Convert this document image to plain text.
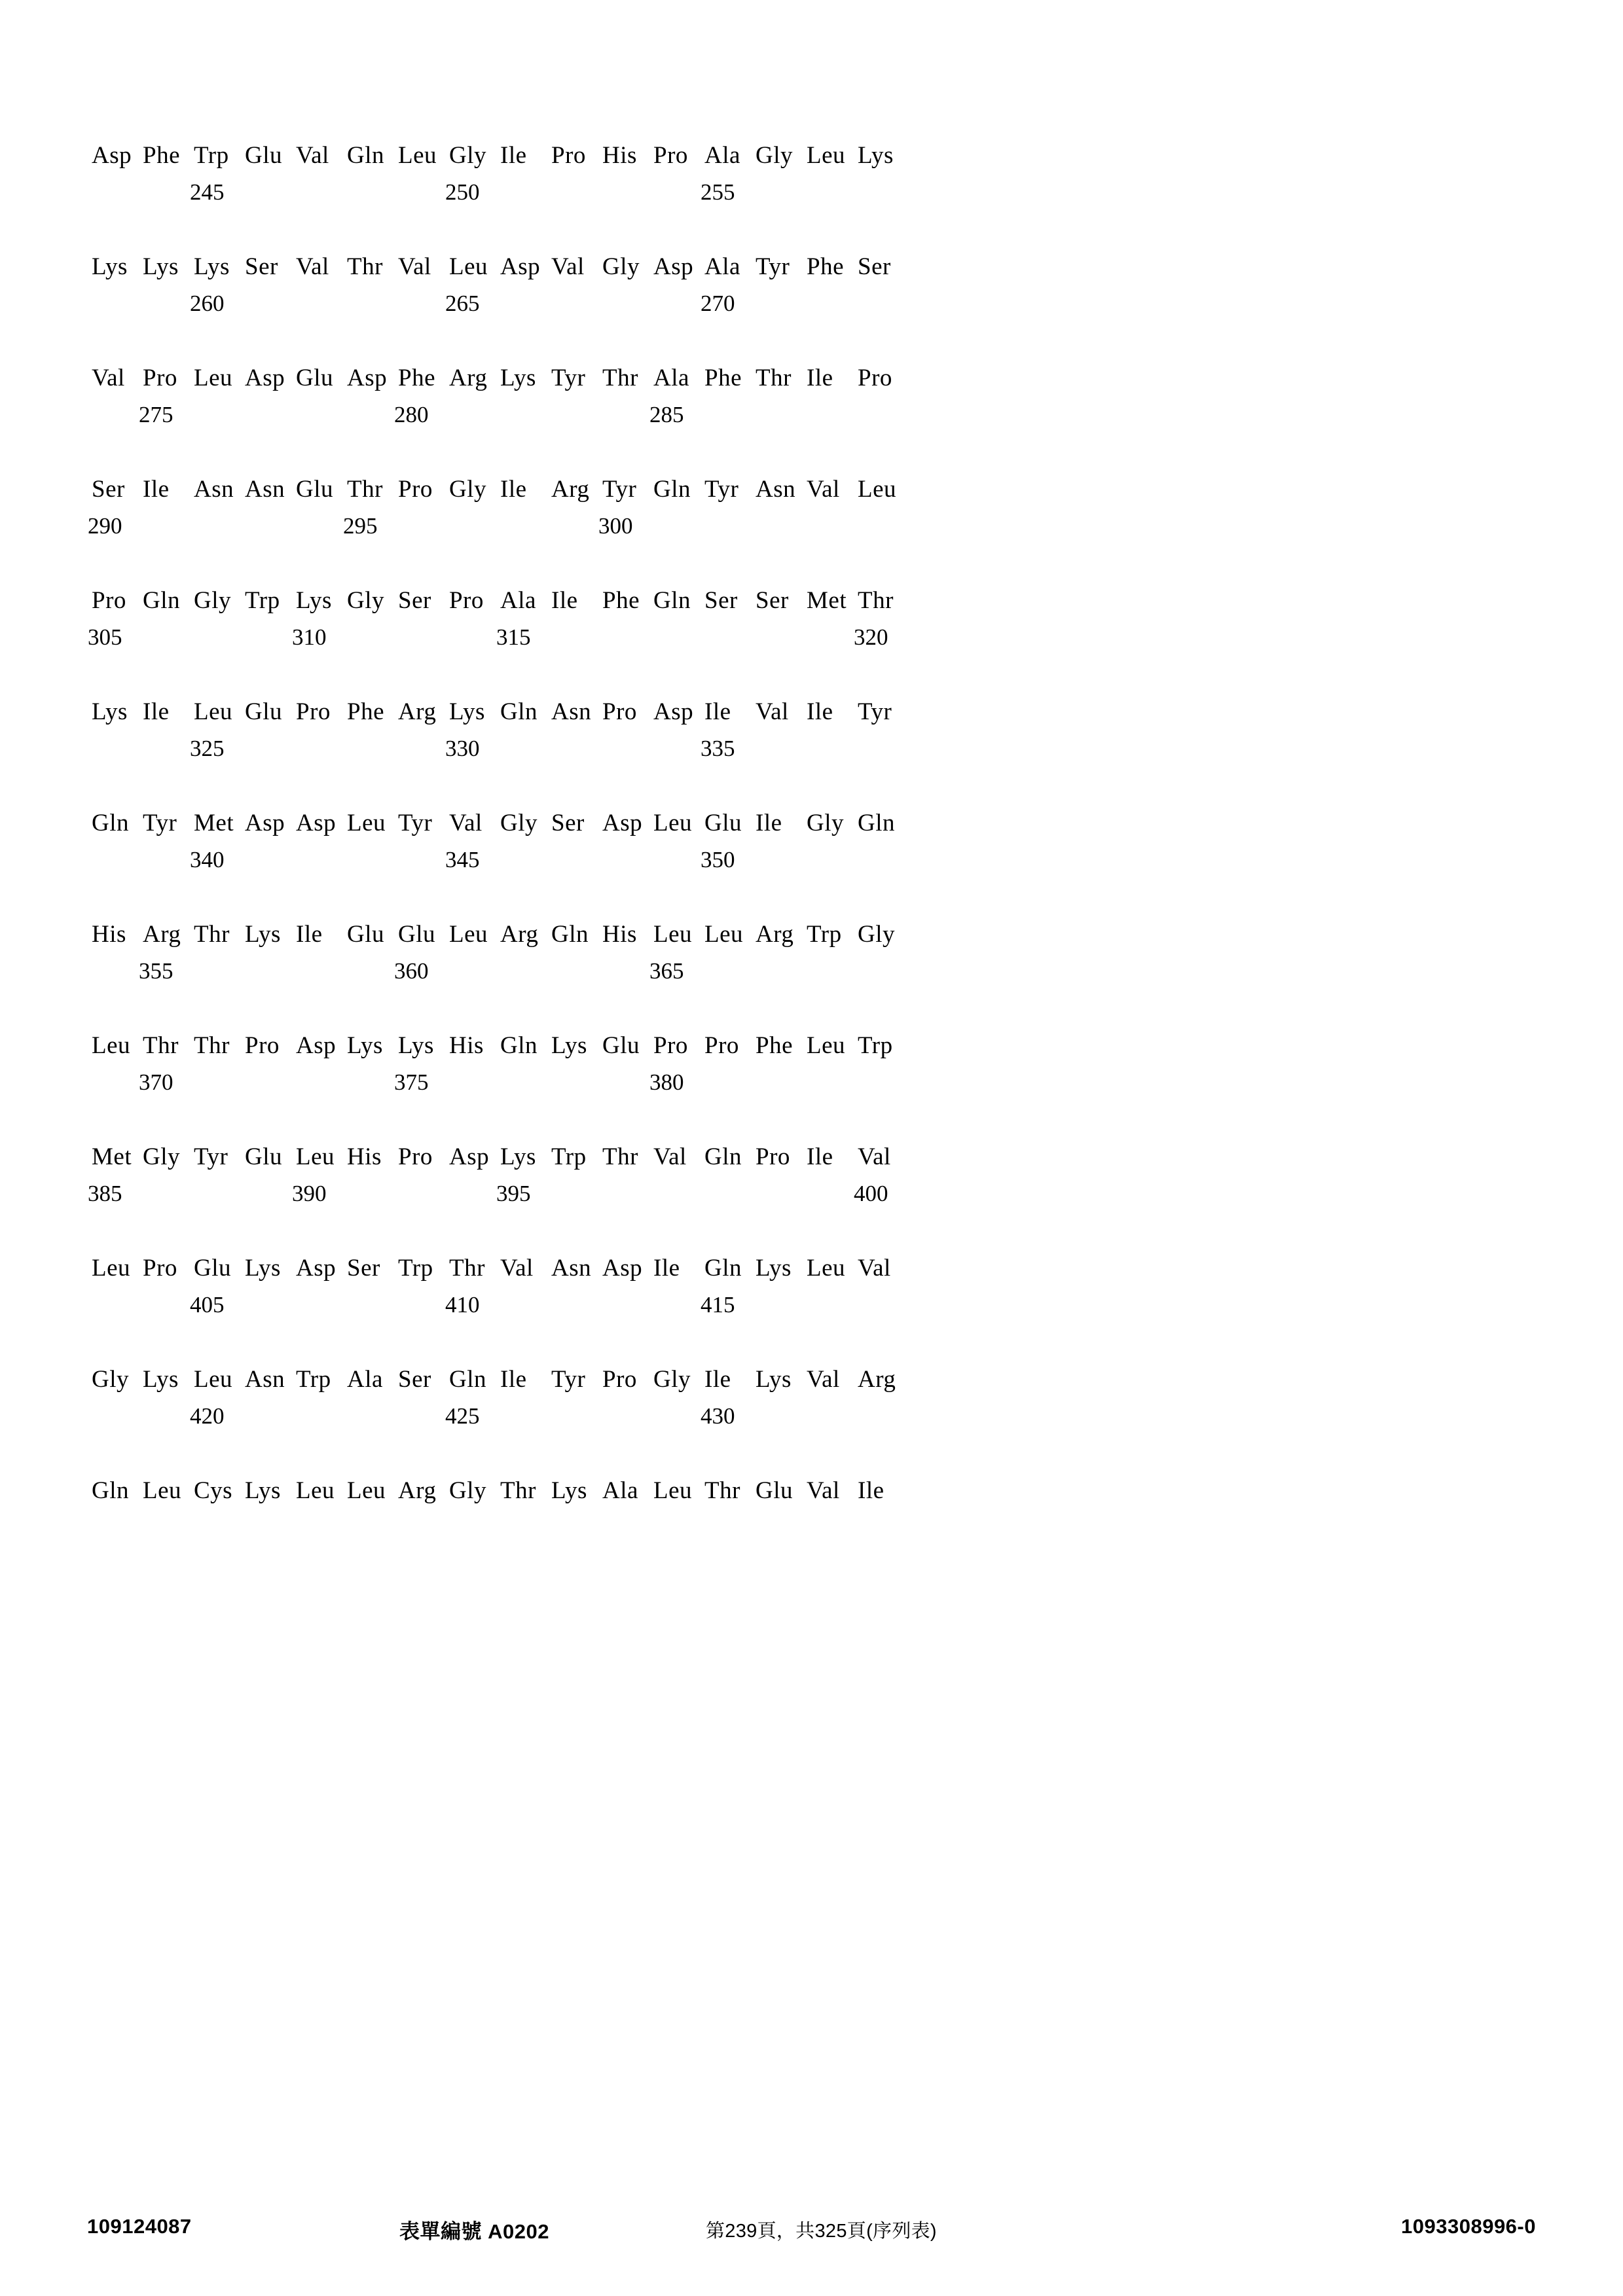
Asp Phe Trp Glu Val Gln Leu Gly Ile	Pro His Pro Ala Gly Leu Lys
245	250	255
Lys Lys Lys Ser Val Thr Val Leu Asp Val Gly Asp Ala Tyr Phe Ser
260	265	270
Val Pro Leu Asp Glu Asp Phe Arg Lys Tyr Thr Ala Phe Thr Ile	Pro
275	280	285
Ser Ile	Asn Asn Glu Thr Pro Gly Ile	Arg Tyr Gln Tyr Asn Val Leu
290	295	300
Pro Gln Gly Trp Lys Gly Ser Pro Ala Ile	Phe Gln Ser Ser Met Thr
305	310	315	320
Lys Ile	Leu Glu Pro Phe Arg Lys Gln Asn Pro Asp Ile	Val Ile	Tyr
325	330	335
Gln Tyr Met Asp Asp Leu Tyr Val Gly Ser Asp Leu Glu Ile	Gly Gln
340	345	350
His Arg Thr Lys Ile	Glu Glu Leu Arg Gln His Leu Leu Arg Trp Gly
355	360	365
Leu Thr Thr Pro Asp Lys Lys His Gln Lys Glu Pro Pro Phe Leu Trp
370	375	380
Met Gly Tyr Glu Leu His Pro Asp Lys Trp Thr Val Gln Pro Ile	Val
385	390	395	400
Leu Pro Glu Lys Asp Ser Trp Thr Val Asn Asp Ile	Gln Lys Leu Val
405	410	415
Gly Lys Leu Asn Trp Ala Ser Gln Ile	Tyr Pro Gly Ile	Lys Val Arg
420	425	430
Gln Leu Cys Lys Leu Leu Arg Gly Thr Lys Ala Leu Thr Glu Val Ile
109124087	表單編號 A0202	第239頁，共325頁(序列表)	1093308996-0
